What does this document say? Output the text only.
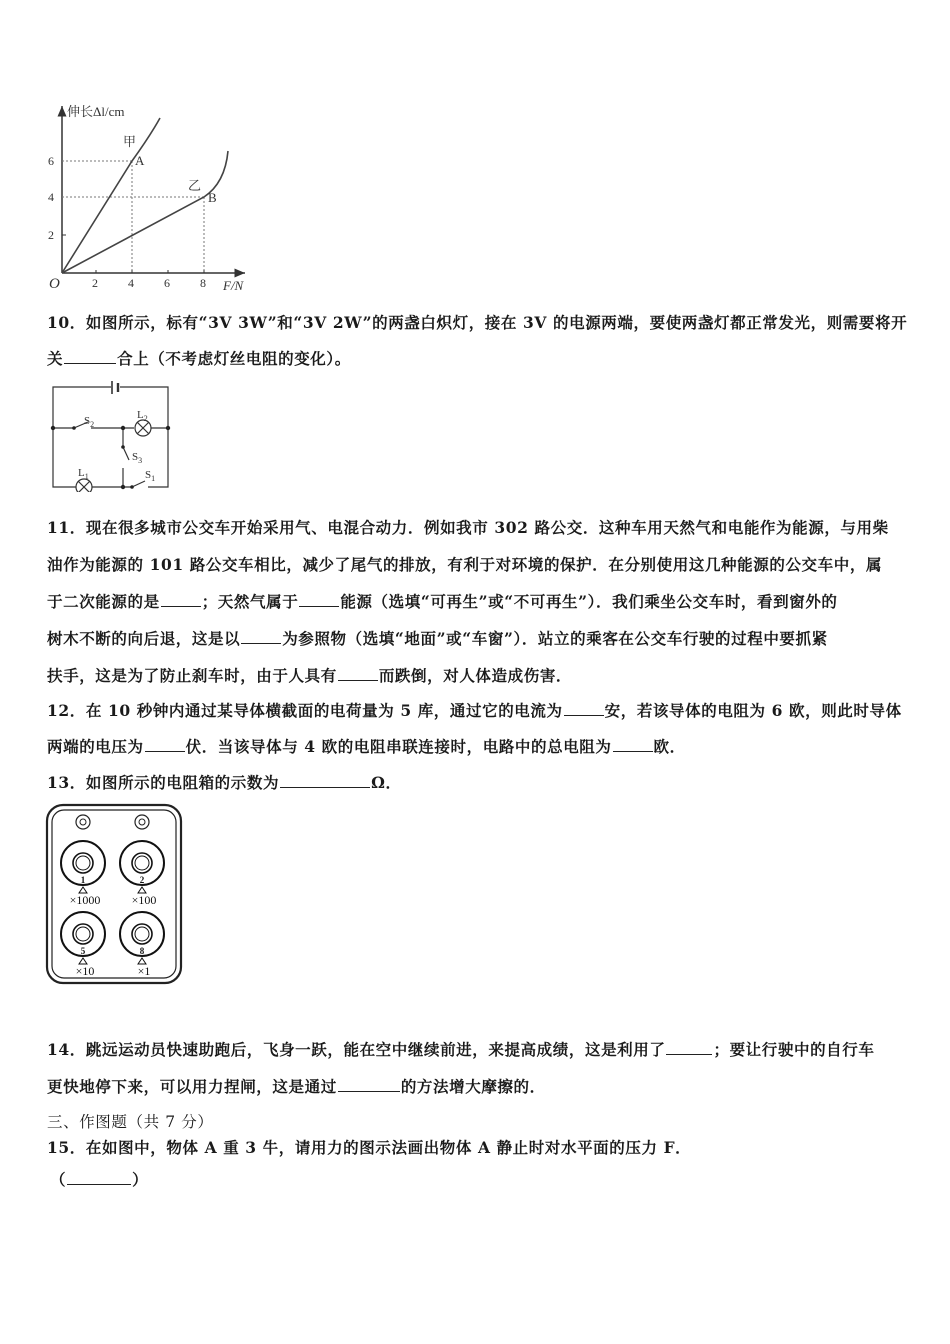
伸长Δl/cm
F/N
O	2	4	6	8
2
4
6
甲
A
乙
B
10．如图所示，标有“3V 3W”和“3V 2W”的两盏白炽灯，接在 3V 的电源两端，要使两盏灯都正常发光，则需要将开
关	合上（不考虑灯丝电阻的变化）。
$S_2$
$L_2$
$S_3$
$L_1$	$S_1$
11．现在很多城市公交车开始采用气、电混合动力．例如我市 302 路公交．这种车用天然气和电能作为能源，与用柴
油作为能源的 101 路公交车相比，减少了尾气的排放，有利于对环境的保护．在分别使用这几种能源的公交车中，属
于二次能源的是	；天然气属于	能源（选填“可再生”或“不可再生”）．我们乘坐公交车时，看到窗外的
树木不断的向后退，这是以	为参照物（选填“地面”或“车窗”）．站立的乘客在公交车行驶的过程中要抓紧
扶手，这是为了防止刹车时，由于人具有	而跌倒，对人体造成伤害．
12．在 10 秒钟内通过某导体横截面的电荷量为 5 库，通过它的电流为	安，若该导体的电阻为 6 欧，则此时导体
两端的电压为	伏．当该导体与 4 欧的电阻串联连接时，电路中的总电阻为	欧．
13．如图所示的电阻箱的示数为	Ω．
1	2
5	8
×1000	×100
×10	×1
14．跳远运动员快速助跑后，飞身一跃，能在空中继续前进，来提高成绩，这是利用了	；要让行驶中的自行车
更快地停下来，可以用力捏闸，这是通过	的方法增大摩擦的．
三、作图题（共 7 分）
15．在如图中，物体 A 重 3 牛，请用力的图示法画出物体 A 静止时对水平面的压力 F．
（	）
